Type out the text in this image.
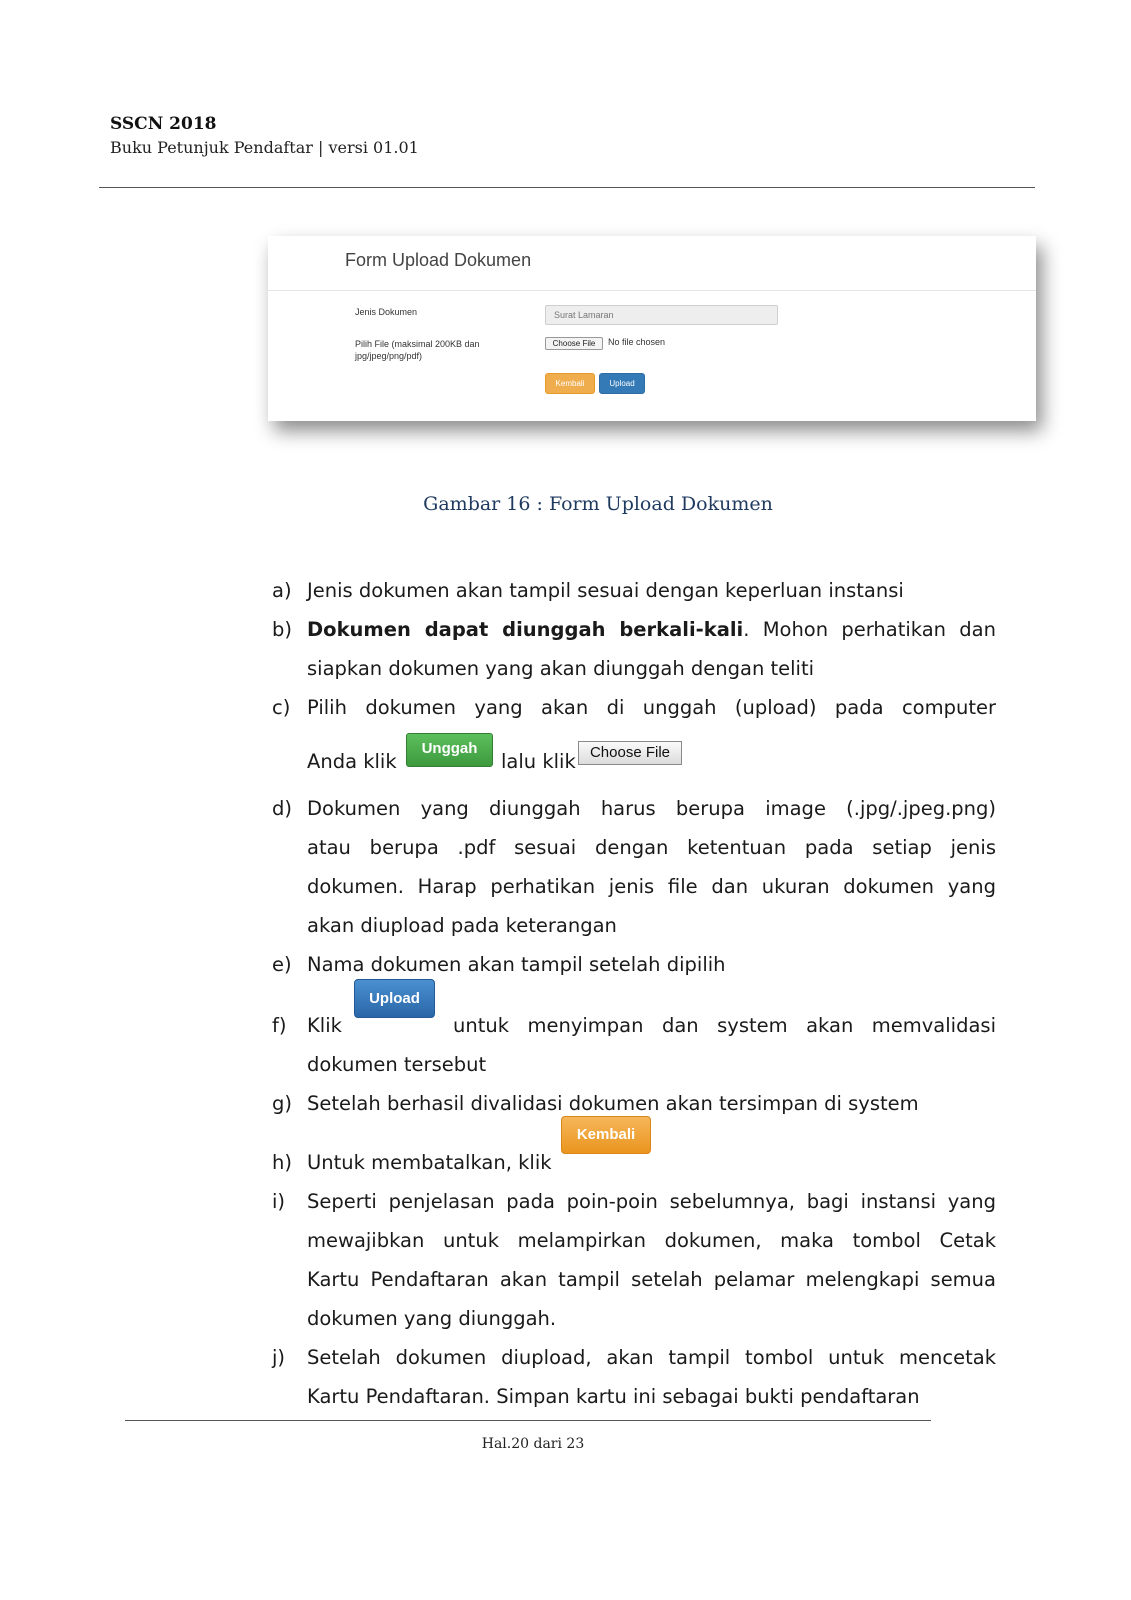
SSCN 2018
Buku Petunjuk Pendaftar | versi 01.01
Form Upload Dokumen
Jenis Dokumen
Pilih File (maksimal 200KB dan jpg/jpeg/png/pdf)
Surat Lamaran
Choose File	No file chosen
Kembali	Upload
Gambar 16 : Form Upload Dokumen
a) Jenis dokumen akan tampil sesuai dengan keperluan instansi
b) Dokumen dapat diunggah berkali-kali. Mohon perhatikan dan
siapkan dokumen yang akan diunggah dengan teliti
c) Pilih dokumen yang akan di unggah (upload) pada computer
Anda klik
Unggah
lalu klik Choose File
d) Dokumen yang diunggah harus berupa image (.jpg/.jpeg.png)
atau berupa .pdf sesuai dengan ketentuan pada setiap jenis
dokumen. Harap perhatikan jenis file dan ukuran dokumen yang
akan diupload pada keterangan
e) Nama dokumen akan tampil setelah dipilih
f) Klik
Upload
untuk menyimpan dan system akan memvalidasi
dokumen tersebut
g) Setelah berhasil divalidasi dokumen akan tersimpan di system
h) Untuk membatalkan, klik
Kembali
i) Seperti penjelasan pada poin-poin sebelumnya, bagi instansi yang
mewajibkan untuk melampirkan dokumen, maka tombol Cetak
Kartu Pendaftaran akan tampil setelah pelamar melengkapi semua
dokumen yang diunggah.
j) Setelah dokumen diupload, akan tampil tombol untuk mencetak
Kartu Pendaftaran. Simpan kartu ini sebagai bukti pendaftaran
Hal.20 dari 23
